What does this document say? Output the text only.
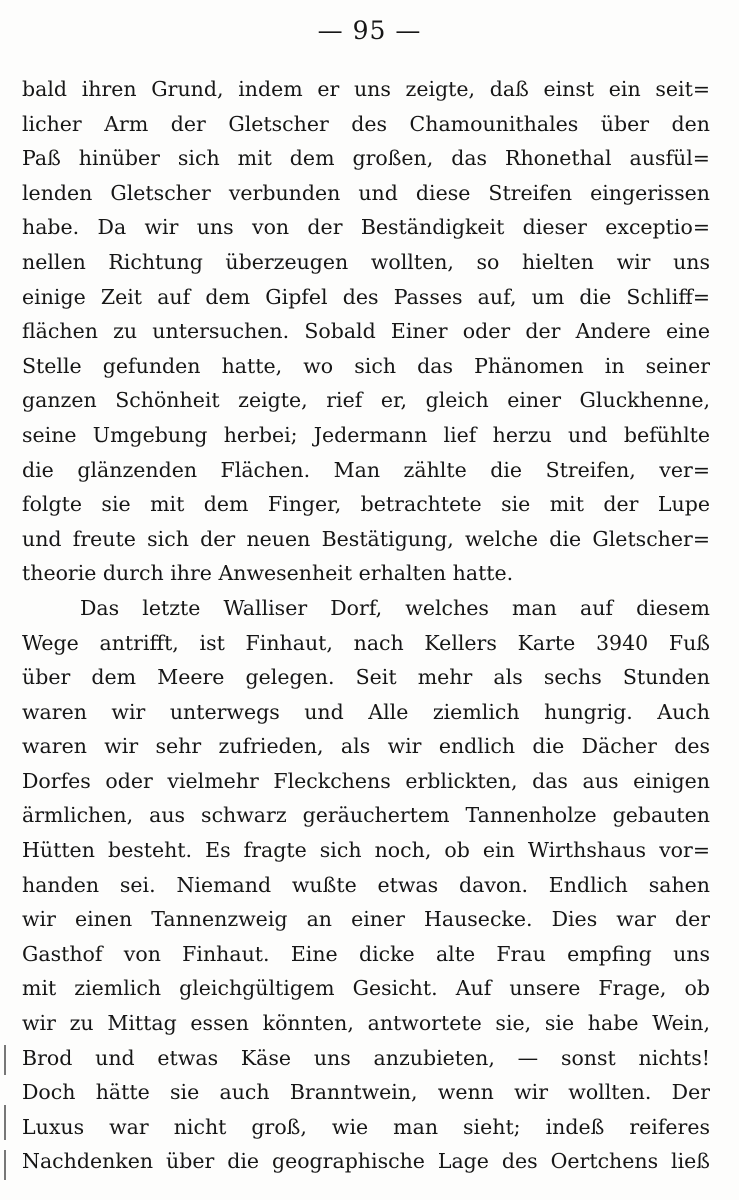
— 95 —
bald ihren Grund, indem er uns zeigte, daß einst ein seit=
licher Arm der Gletscher des Chamounithales über den
Paß hinüber sich mit dem großen, das Rhonethal ausfül=
lenden Gletscher verbunden und diese Streifen eingerissen
habe. Da wir uns von der Beständigkeit dieser exceptio=
nellen Richtung überzeugen wollten, so hielten wir uns
einige Zeit auf dem Gipfel des Passes auf, um die Schliff=
flächen zu untersuchen. Sobald Einer oder der Andere eine
Stelle gefunden hatte, wo sich das Phänomen in seiner
ganzen Schönheit zeigte, rief er, gleich einer Gluckhenne,
seine Umgebung herbei; Jedermann lief herzu und befühlte
die glänzenden Flächen. Man zählte die Streifen, ver=
folgte sie mit dem Finger, betrachtete sie mit der Lupe
und freute sich der neuen Bestätigung, welche die Gletscher=
theorie durch ihre Anwesenheit erhalten hatte.
Das letzte Walliser Dorf, welches man auf diesem
Wege antrifft, ist Finhaut, nach Kellers Karte 3940 Fuß
über dem Meere gelegen. Seit mehr als sechs Stunden
waren wir unterwegs und Alle ziemlich hungrig. Auch
waren wir sehr zufrieden, als wir endlich die Dächer des
Dorfes oder vielmehr Fleckchens erblickten, das aus einigen
ärmlichen, aus schwarz geräuchertem Tannenholze gebauten
Hütten besteht. Es fragte sich noch, ob ein Wirthshaus vor=
handen sei. Niemand wußte etwas davon. Endlich sahen
wir einen Tannenzweig an einer Hausecke. Dies war der
Gasthof von Finhaut. Eine dicke alte Frau empfing uns
mit ziemlich gleichgültigem Gesicht. Auf unsere Frage, ob
wir zu Mittag essen könnten, antwortete sie, sie habe Wein,
Brod und etwas Käse uns anzubieten, — sonst nichts!
Doch hätte sie auch Branntwein, wenn wir wollten. Der
Luxus war nicht groß, wie man sieht; indeß reiferes
Nachdenken über die geographische Lage des Oertchens ließ
